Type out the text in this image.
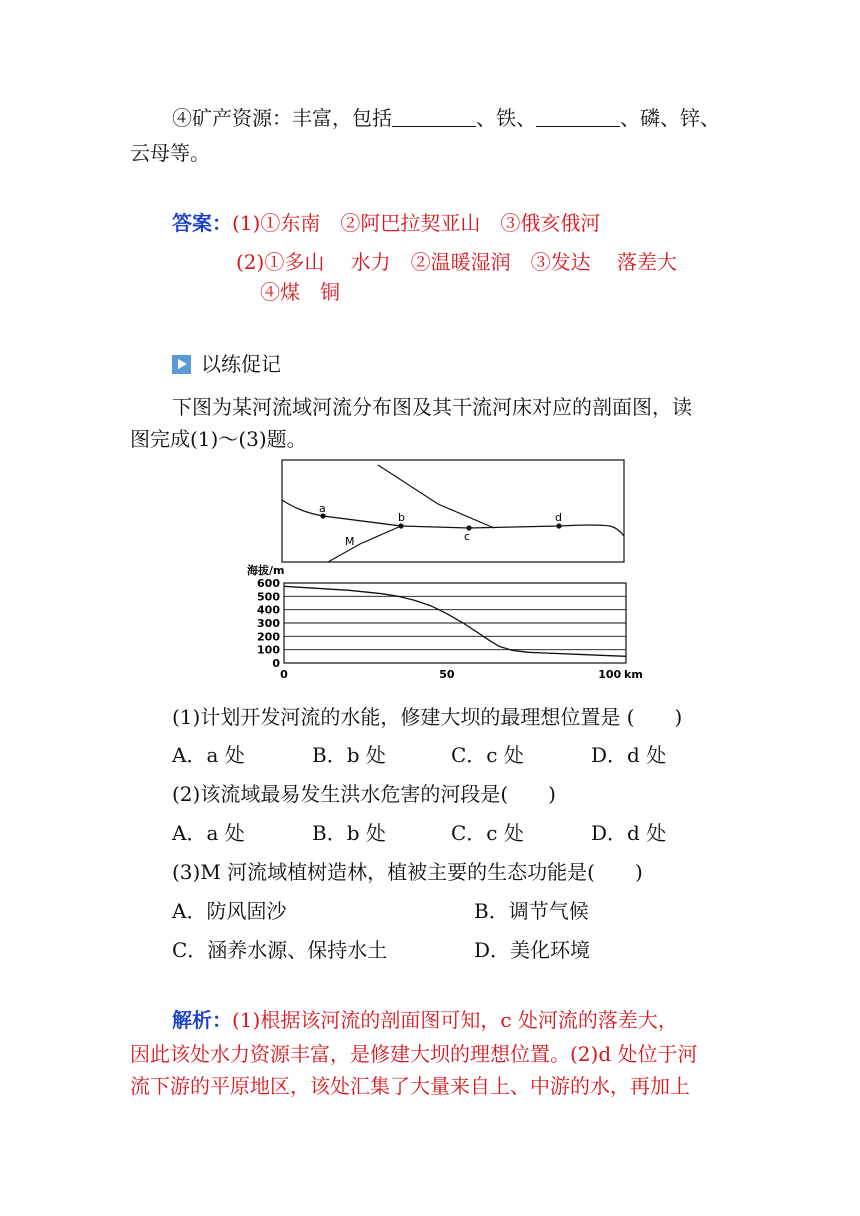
④矿产资源：丰富，包括	、铁、	、磷、锌、
云母等。
答案：(1)①东南　②阿巴拉契亚山　③俄亥俄河
(2)①多山　 水力　②温暖湿润　③发达　 落差大
④煤　铜
以练促记
下图为某河流域河流分布图及其干流河床对应的剖面图，读
图完成(1)～(3)题。
a
b
c
d
M
海拔/m
600
500
400
300
200
100
0
0	50	100 km
(1)计划开发河流的水能，修建大坝的最理想位置是 (　　)
A．a 处	B．b 处	C．c 处	D．d 处
(2)该流域最易发生洪水危害的河段是(　　)
A．a 处	B．b 处	C．c 处	D．d 处
(3)M 河流域植树造林，植被主要的生态功能是(　　)
A．防风固沙	B．调节气候
C．涵养水源、保持水土	D．美化环境
解析：(1)根据该河流的剖面图可知，c 处河流的落差大，
因此该处水力资源丰富，是修建大坝的理想位置。(2)d 处位于河
流下游的平原地区，该处汇集了大量来自上、中游的水，再加上
